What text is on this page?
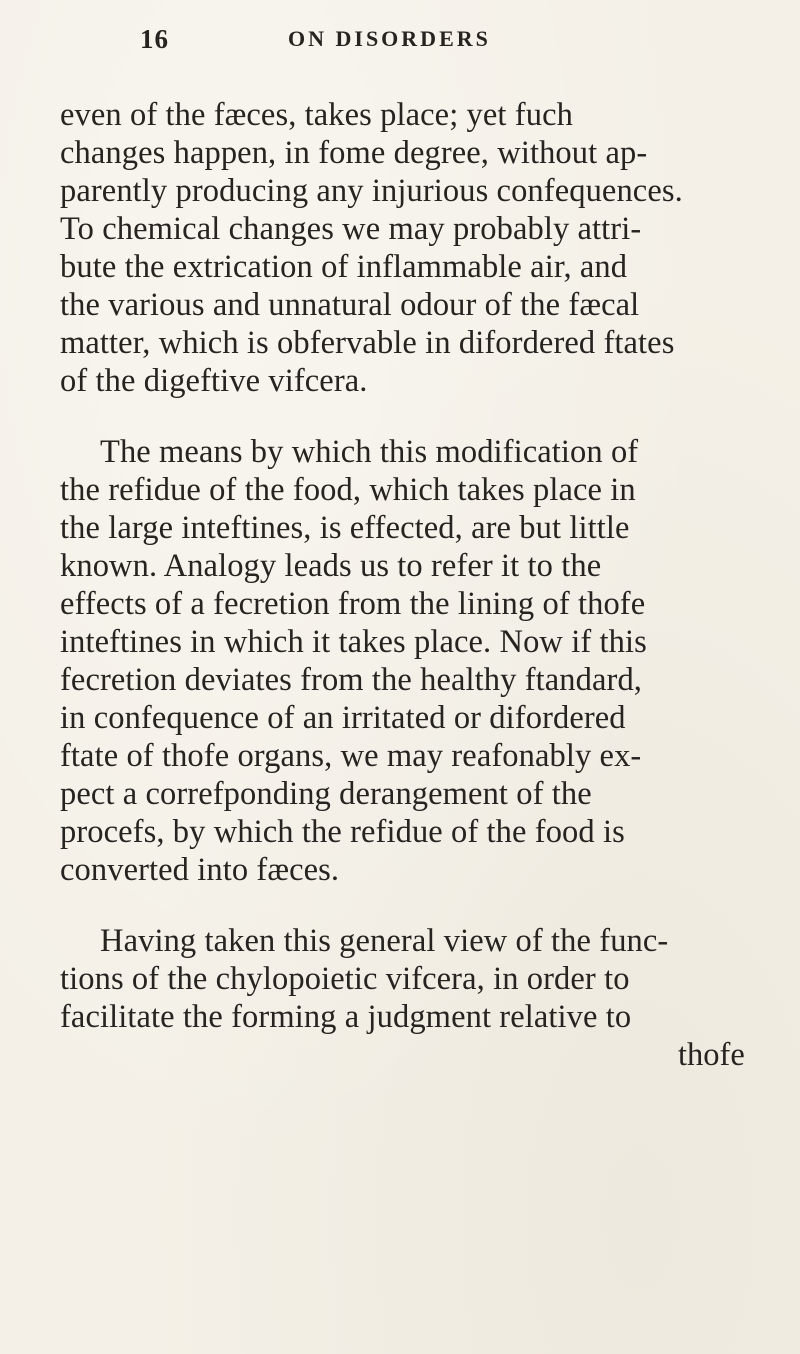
16	ON DISORDERS
even of the fæces, takes place; yet fuch
changes happen, in fome degree, without ap-
parently producing any injurious confequences.
To chemical changes we may probably attri-
bute the extrication of inflammable air, and
the various and unnatural odour of the fæcal
matter, which is obfervable in difordered ftates
of the digeftive vifcera.
The means by which this modification of
the refidue of the food, which takes place in
the large inteftines, is effected, are but little
known. Analogy leads us to refer it to the
effects of a fecretion from the lining of thofe
inteftines in which it takes place. Now if this
fecretion deviates from the healthy ftandard,
in confequence of an irritated or difordered
ftate of thofe organs, we may reafonably ex-
pect a correfponding derangement of the
procefs, by which the refidue of the food is
converted into fæces.
Having taken this general view of the func-
tions of the chylopoietic vifcera, in order to
facilitate the forming a judgment relative to
thofe
